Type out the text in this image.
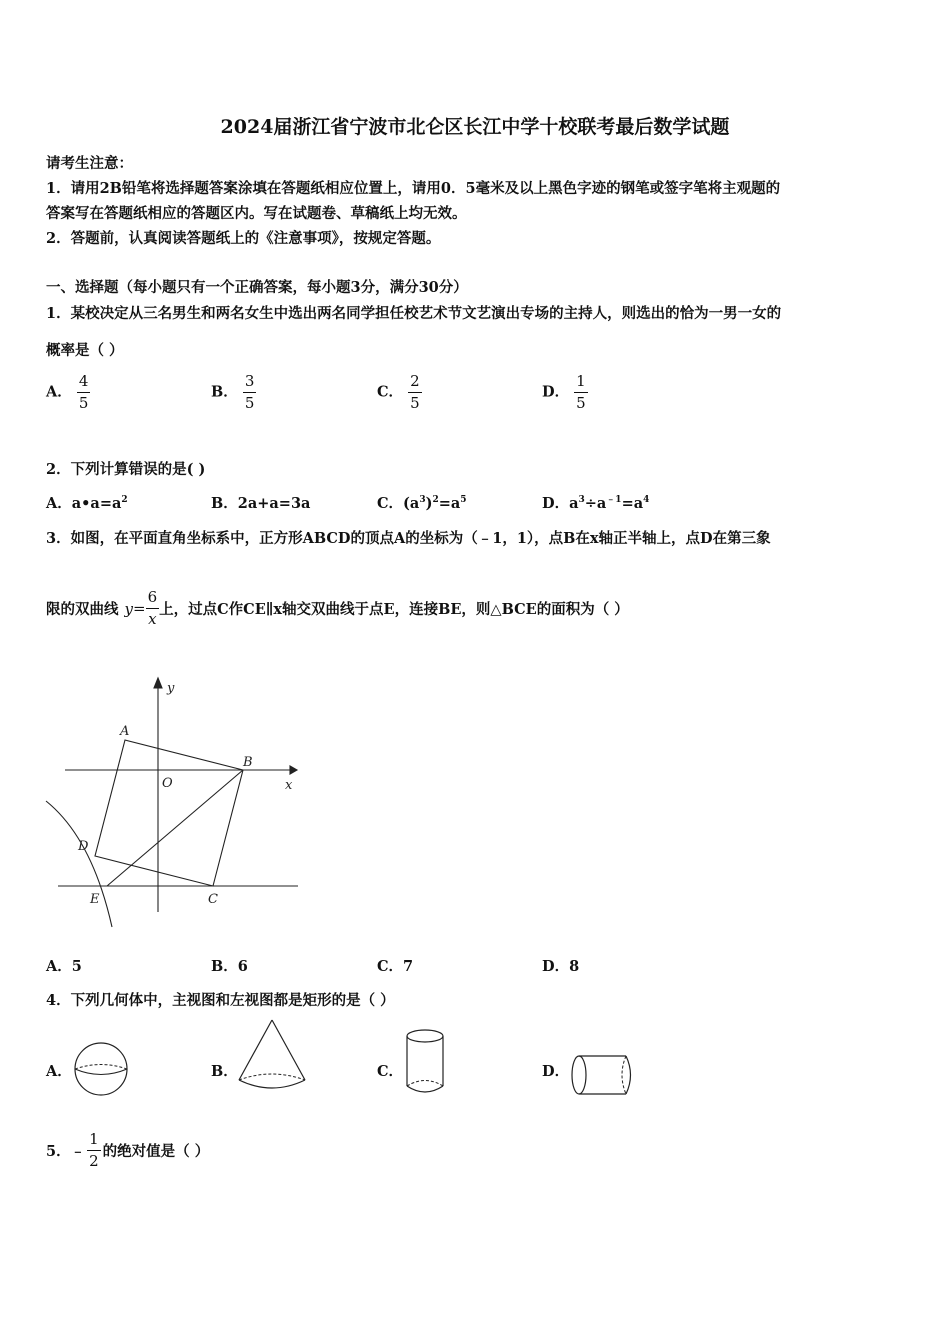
2024届浙江省宁波市北仑区长江中学十校联考最后数学试题
请考生注意：
1．请用2B铅笔将选择题答案涂填在答题纸相应位置上，请用0．5毫米及以上黑色字迹的钢笔或签字笔将主观题的
答案写在答题纸相应的答题区内。写在试题卷、草稿纸上均无效。
2．答题前，认真阅读答题纸上的《注意事项》，按规定答题。
一、选择题（每小题只有一个正确答案，每小题3分，满分30分）
1．某校决定从三名男生和两名女生中选出两名同学担任校艺术节文艺演出专场的主持人，则选出的恰为一男一女的
概率是（ ）
A． $\frac{4}{5}$	B． $\frac{3}{5}$	C． $\frac{2}{5}$	D． $\frac{1}{5}$
2．下列计算错误的是( )
A．$a•a=a^2$	B．2a+a=3a	C．$(a^3)^2=a^5$	D．$a^3\div a^{﹣1}=a^4$
3．如图，在平面直角坐标系中，正方形ABCD的顶点A的坐标为（﹣1，1），点B在x轴正半轴上，点D在第三象
限的双曲线 $y= \frac{6}{x}$ 上，过点C作CE∥x轴交双曲线于点E，连接BE，则△BCE的面积为（ ）
y
x
A
O
B
D
E	C
A．5	B．6	C．7	D．8
4．下列几何体中，主视图和左视图都是矩形的是（ ）
A．	B．	C．	D．
5．﹣ $\frac{1}{2}$ 的绝对值是（ ）
